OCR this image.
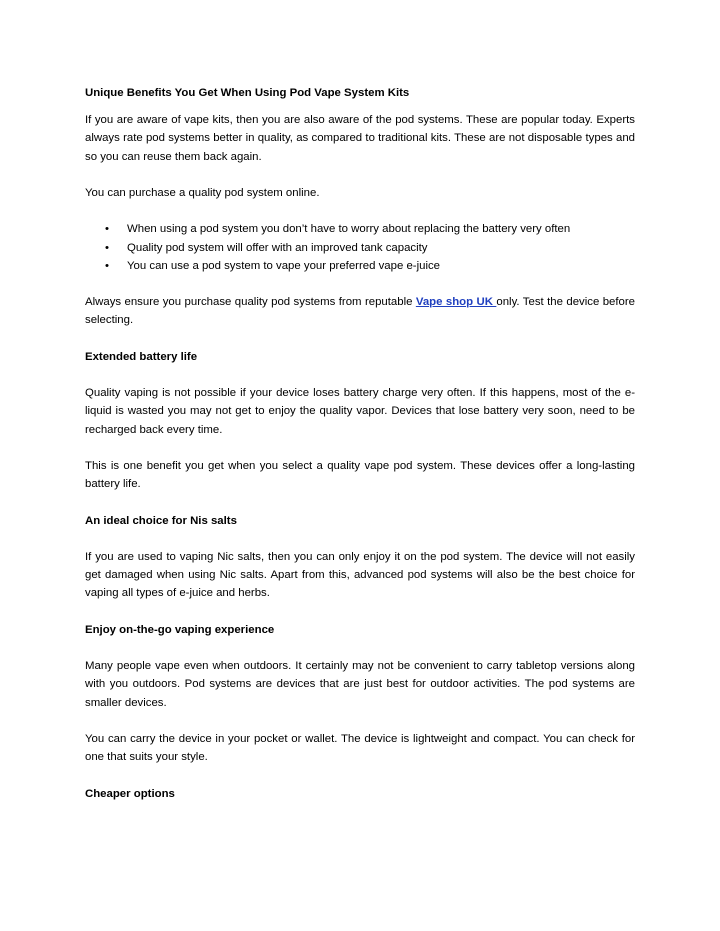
Unique Benefits You Get When Using Pod Vape System Kits

If you are aware of vape kits, then you are also aware of the pod systems. These are popular today. Experts always rate pod systems better in quality, as compared to traditional kits. These are not disposable types and so you can reuse them back again.

You can purchase a quality pod system online.

• When using a pod system you don’t have to worry about replacing the battery very often
• Quality pod system will offer with an improved tank capacity
• You can use a pod system to vape your preferred vape e-juice

Always ensure you purchase quality pod systems from reputable Vape shop UK only. Test the device before selecting.

Extended battery life

Quality vaping is not possible if your device loses battery charge very often. If this happens, most of the e-liquid is wasted you may not get to enjoy the quality vapor. Devices that lose battery very soon, need to be recharged back every time.

This is one benefit you get when you select a quality vape pod system. These devices offer a long-lasting battery life.

An ideal choice for Nis salts

If you are used to vaping Nic salts, then you can only enjoy it on the pod system. The device will not easily get damaged when using Nic salts. Apart from this, advanced pod systems will also be the best choice for vaping all types of e-juice and herbs.

Enjoy on-the-go vaping experience

Many people vape even when outdoors. It certainly may not be convenient to carry tabletop versions along with you outdoors. Pod systems are devices that are just best for outdoor activities. The pod systems are smaller devices.

You can carry the device in your pocket or wallet. The device is lightweight and compact. You can check for one that suits your style.

Cheaper options
